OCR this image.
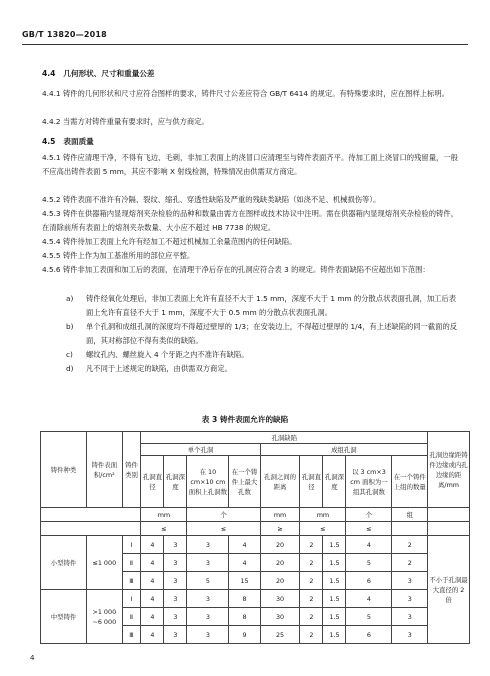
GB/T 13820—2018
4.4 几何形状、尺寸和重量公差
4.4.1 铸件的几何形状和尺寸应符合图样的要求，铸件尺寸公差应符合 GB/T 6414 的规定。有特殊要求时，应在图样上标明。
4.4.2 当需方对铸件重量有要求时，应与供方商定。
4.5 表面质量
4.5.1 铸件应清理干净，不得有飞边、毛刺，非加工表面上的浇冒口应清理至与铸件表面齐平。待加工面上浇冒口的残留量，一般不应高出铸件表面 5 mm，其应不影响 X 射线检测，特殊情况由供需双方商定。
4.5.2 铸件表面不准许有冷隔、裂纹、缩孔、穿透性缺陷及严重的残缺类缺陷（如浇不足、机械损伤等）。
4.5.3 铸件在供器箱内显现熔剂夹杂检验的品种和数量由需方在图样或技术协议中注明。需在供器箱内显现熔剂夹杂检验的铸件，在清除前所有表面上的熔剂夹杂数量、大小应不超过 HB 7738 的规定。
4.5.4 铸件待加工表面上允许有经加工不超过机械加工余量范围内的任何缺陷。
4.5.5 铸件上作为加工基准所用的部位应平整。
4.5.6 铸件非加工表面和加工后的表面，在清理干净后存在的孔洞应符合表 3 的规定。铸件表面缺陷不应超出如下范围：
a) 铸件经氧化处理后，非加工表面上允许有直径不大于 1.5 mm，深度不大于 1 mm 的分散点状表面孔洞，加工后表面上允许有直径不大于 1 mm，深度不大于 0.5 mm 的分散点状表面孔洞。
b) 单个孔洞和成组孔洞的深度均不得超过壁厚的 1/3；在安装边上，不得超过壁厚的 1/4，有上述缺陷的同一截面的反面，其对称部位不得有类似的缺陷。
c) 螺纹孔内、螺丝旋入 4 个牙距之内不准许有缺陷。
d) 凡不同于上述规定的缺陷，由供需双方商定。
表 3 铸件表面允许的缺陷
铸件种类	铸件表面积/cm²	铸件类别	孔洞缺陷									孔洞边缘距铸件边缘或内孔边缘的距离/mm
			单个孔洞				成组孔洞					
			孔洞直径	孔洞深度	在 10 cm×10 cm 面积上孔洞数	在一个铸件上最大孔数	孔洞之间的距离	孔洞直径	孔洞深度	以 3 cm×3 cm 面积为一组其孔洞数	在一个铸件上组的数量	
			mm		个		mm	mm		个	组	
			≤		≤		≥	≤		≤		
小型铸件	≤1 000	Ⅰ	4	3	3	4	20	2	1.5	4	2	不小于孔洞最大直径的 2 倍
		Ⅱ	4	3	3	4	20	2	1.5	5	2	
		Ⅲ	4	3	5	15	20	2	1.5	6	3	
中型铸件	>1 000 ~6 000	Ⅰ	4	3	3	8	30	2	1.5	4	3	
		Ⅱ	4	3	3	8	30	2	1.5	5	3	
		Ⅲ	4	3	3	9	25	2	1.5	6	3	
4
